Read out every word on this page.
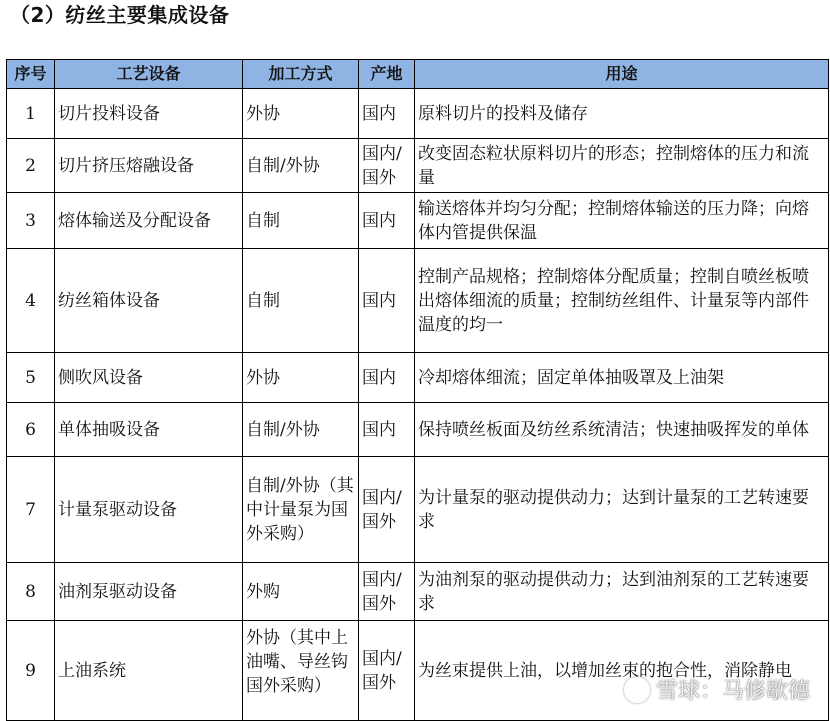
（2）纺丝主要集成设备
序号	工艺设备	加工方式	产地	用途
1	切片投料设备	外协	国内	原料切片的投料及储存
2	切片挤压熔融设备	自制/外协	国内/国外	改变固态粒状原料切片的形态；控制熔体的压力和流量
3	熔体输送及分配设备	自制	国内	输送熔体并均匀分配；控制熔体输送的压力降；向熔体内管提供保温
4	纺丝箱体设备	自制	国内	控制产品规格；控制熔体分配质量；控制自喷丝板喷出熔体细流的质量；控制纺丝组件、计量泵等内部件温度的均一
5	侧吹风设备	外协	国内	冷却熔体细流；固定单体抽吸罩及上油架
6	单体抽吸设备	自制/外协	国内	保持喷丝板面及纺丝系统清洁；快速抽吸挥发的单体
7	计量泵驱动设备	自制/外协（其中计量泵为国外采购）	国内/国外	为计量泵的驱动提供动力；达到计量泵的工艺转速要求
8	油剂泵驱动设备	外购	国内/国外	为油剂泵的驱动提供动力；达到油剂泵的工艺转速要求
9	上油系统	外协（其中上油嘴、导丝钩国外采购）	国内/国外	为丝束提供上油，以增加丝束的抱合性，消除静电
雪球：马修歇德
